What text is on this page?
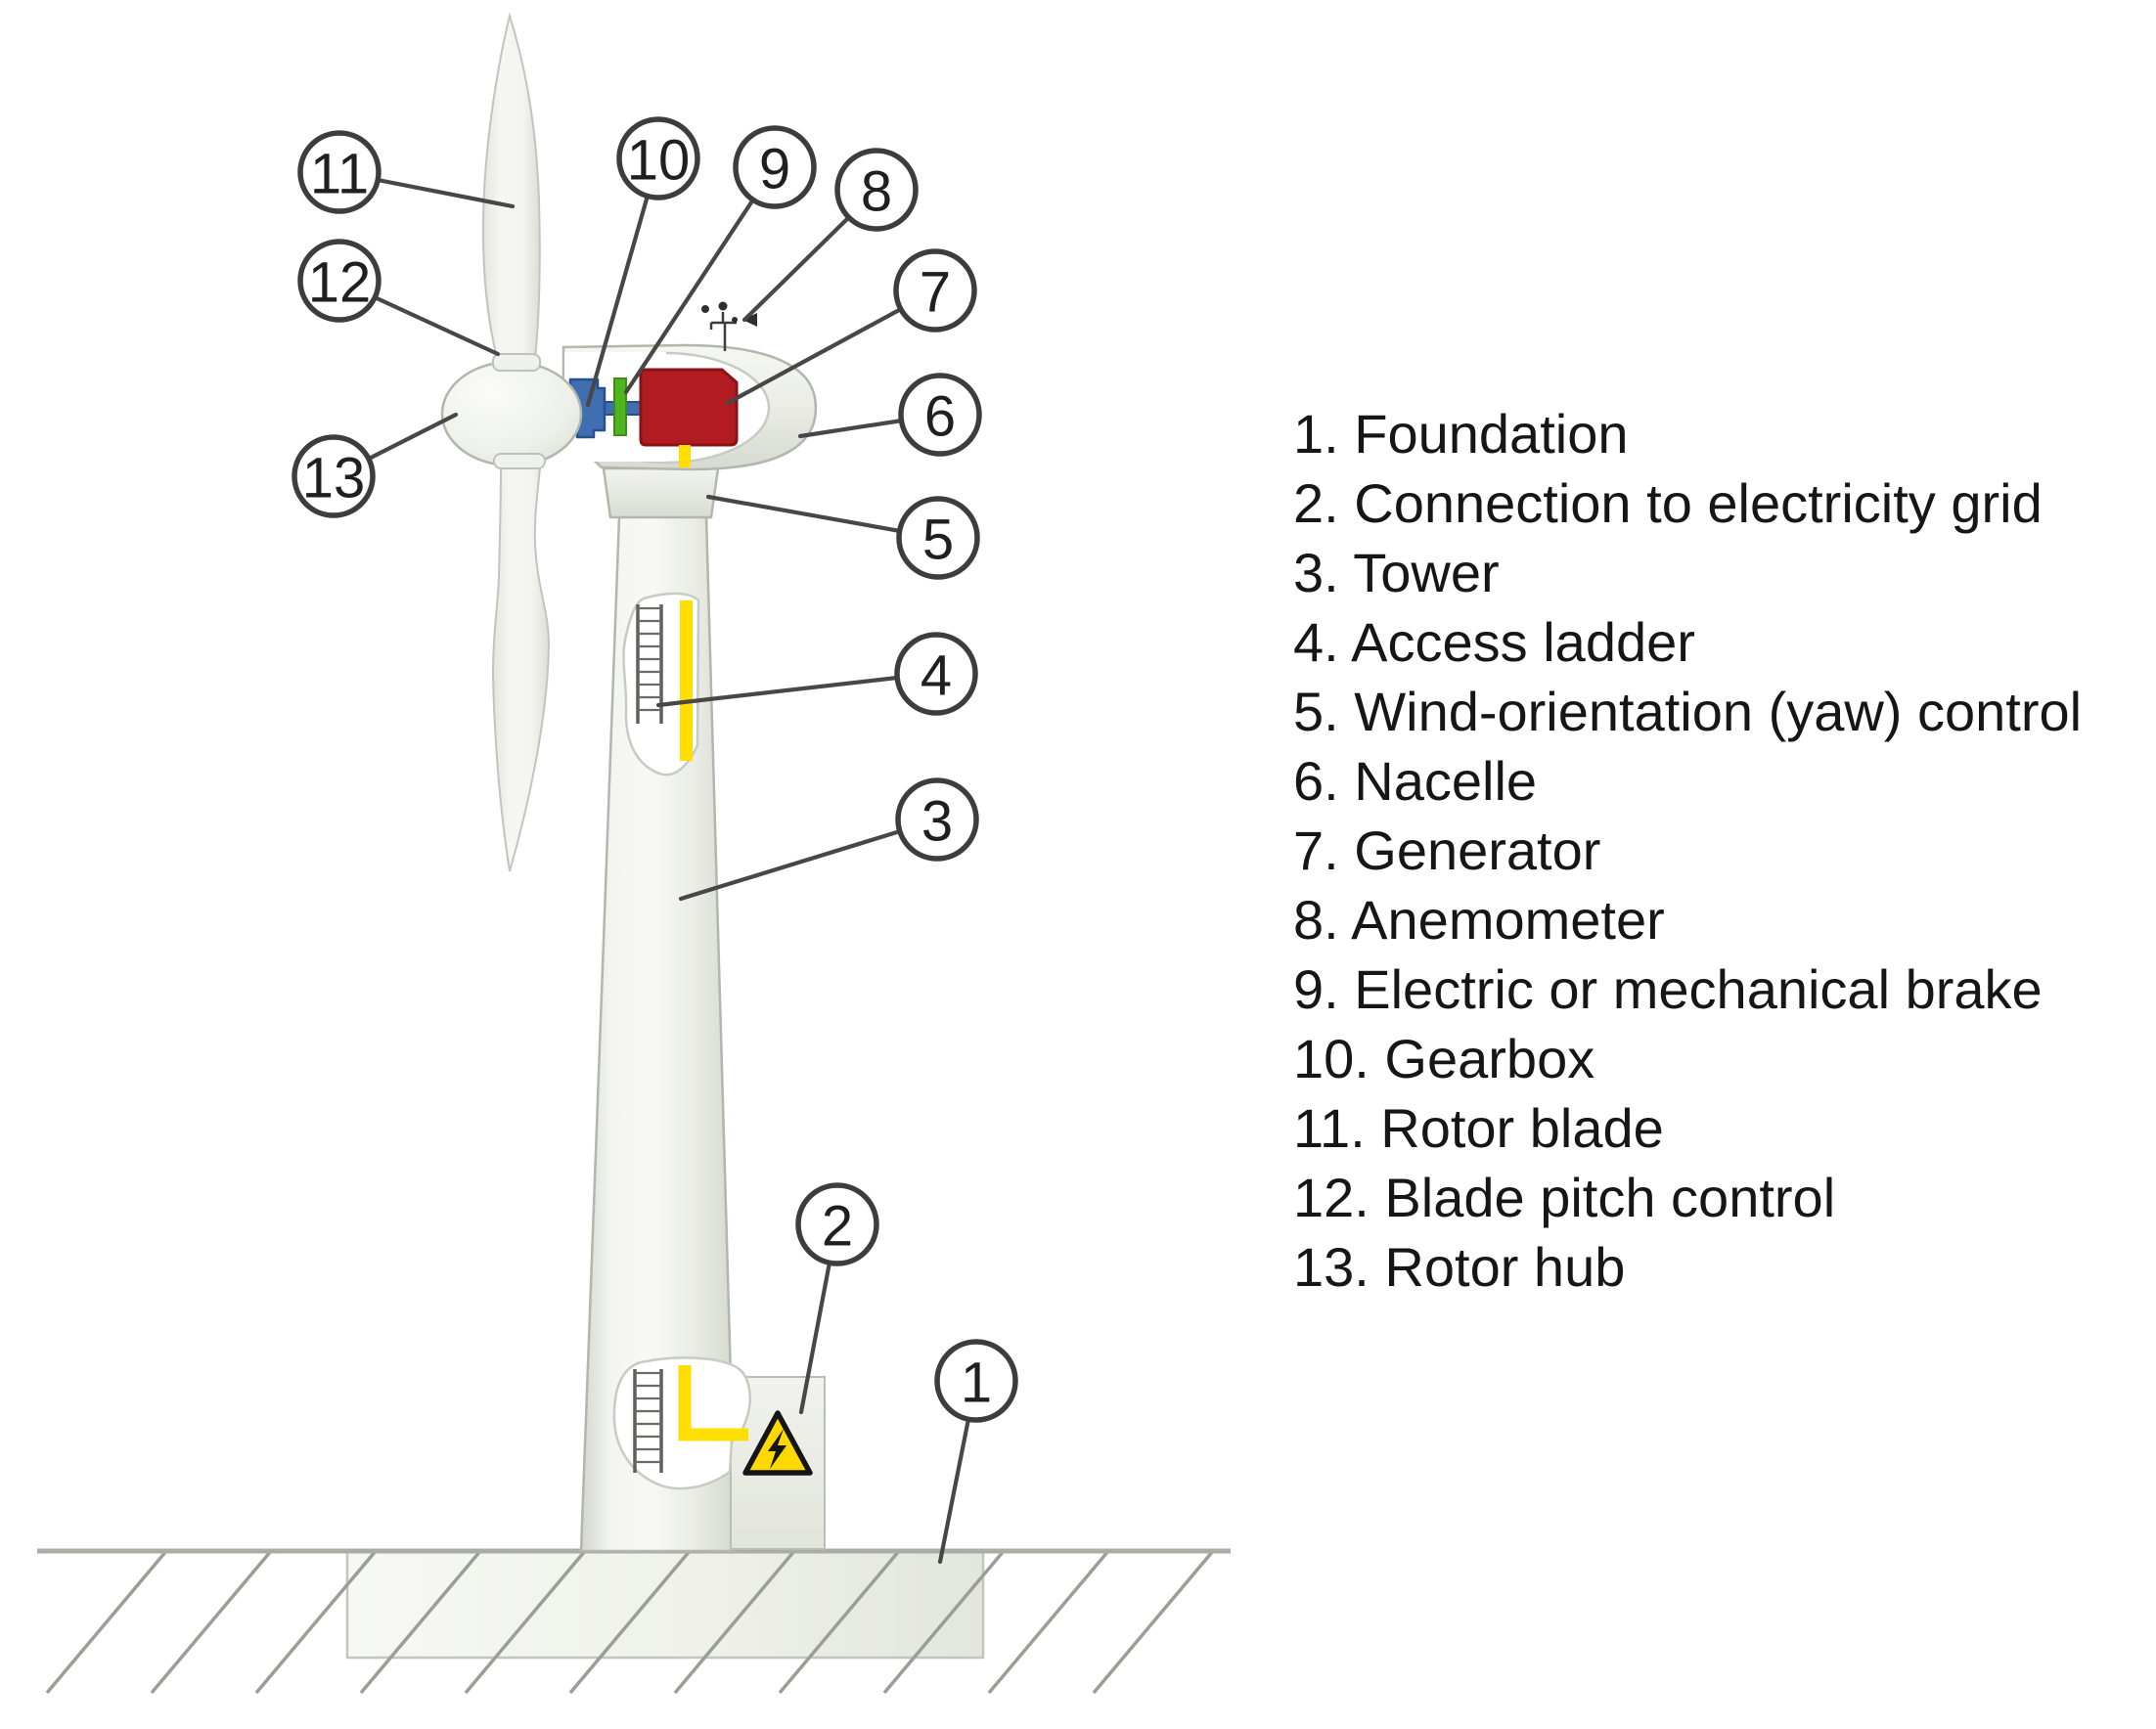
1
2
3
4
5
6
7
8
9
10
11
12
13
1. Foundation
2. Connection to electricity grid
3. Tower
4. Access ladder
5. Wind-orientation (yaw) control
6. Nacelle
7. Generator
8. Anemometer
9. Electric or mechanical brake
10. Gearbox
11. Rotor blade
12. Blade pitch control
13. Rotor hub
